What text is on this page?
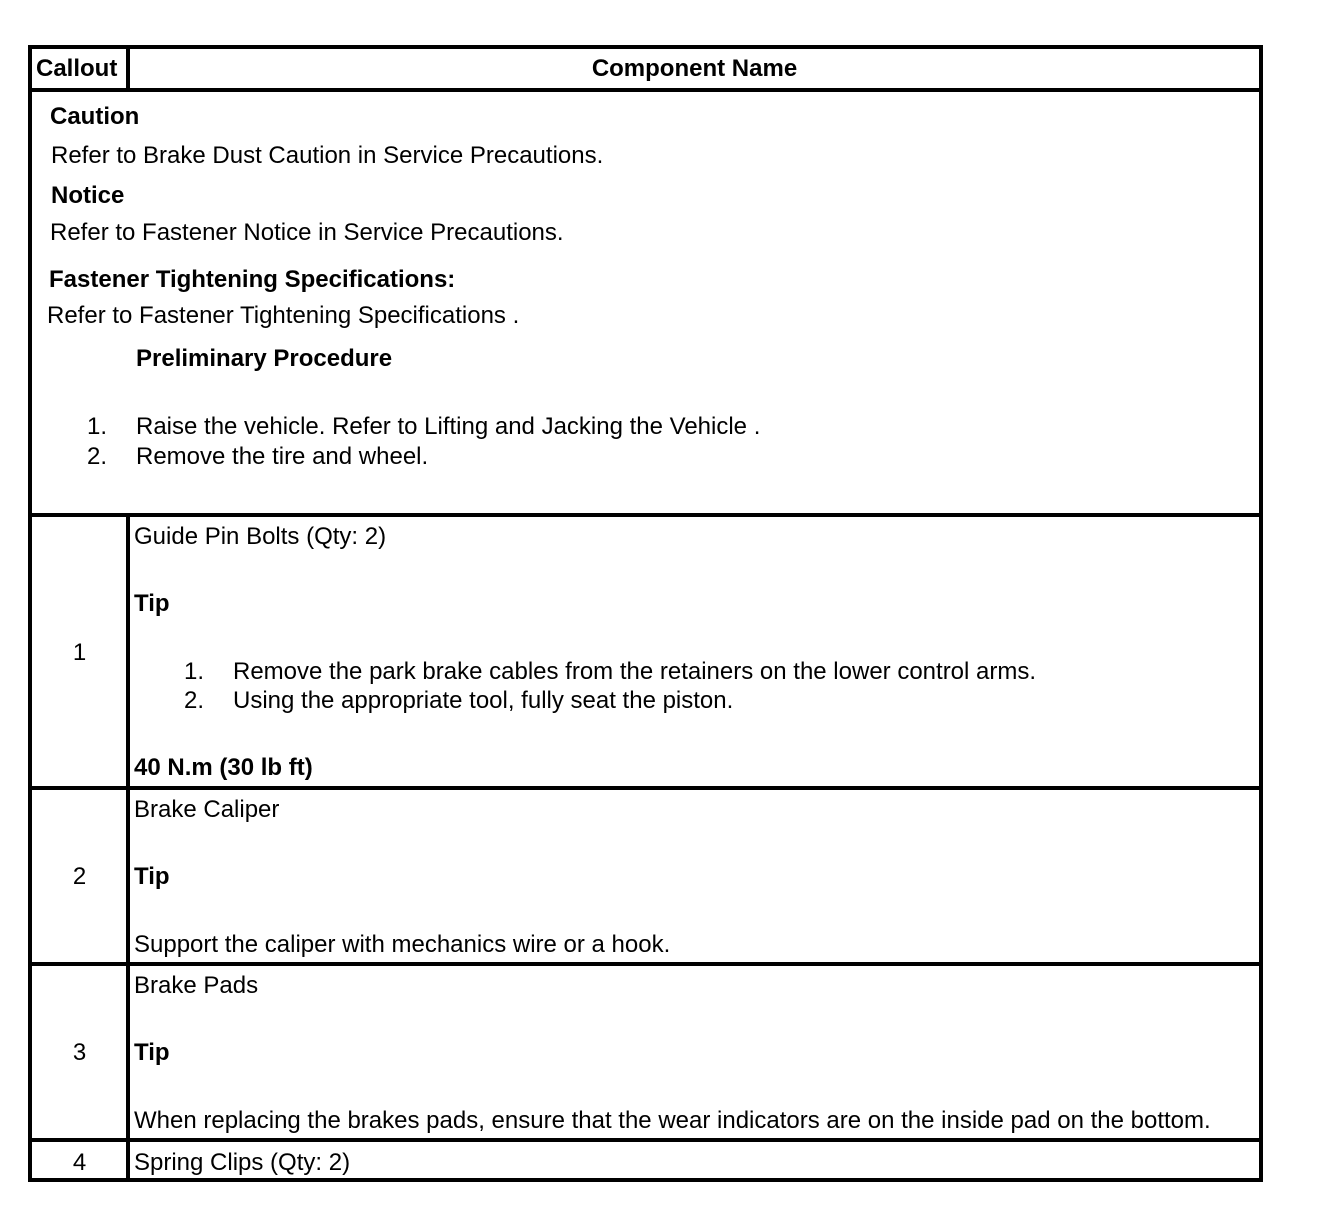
Callout	Component Name
Caution
Refer to Brake Dust Caution in Service Precautions.
Notice
Refer to Fastener Notice in Service Precautions.
Fastener Tightening Specifications:
Refer to Fastener Tightening Specifications .
Preliminary Procedure
1. Raise the vehicle. Refer to Lifting and Jacking the Vehicle .
2. Remove the tire and wheel.
1
Guide Pin Bolts (Qty: 2)
Tip
1. Remove the park brake cables from the retainers on the lower control arms.
2. Using the appropriate tool, fully seat the piston.
40 N.m (30 lb ft)
2
Brake Caliper
Tip
Support the caliper with mechanics wire or a hook.
3
Brake Pads
Tip
When replacing the brakes pads, ensure that the wear indicators are on the inside pad on the bottom.
4	Spring Clips (Qty: 2)
